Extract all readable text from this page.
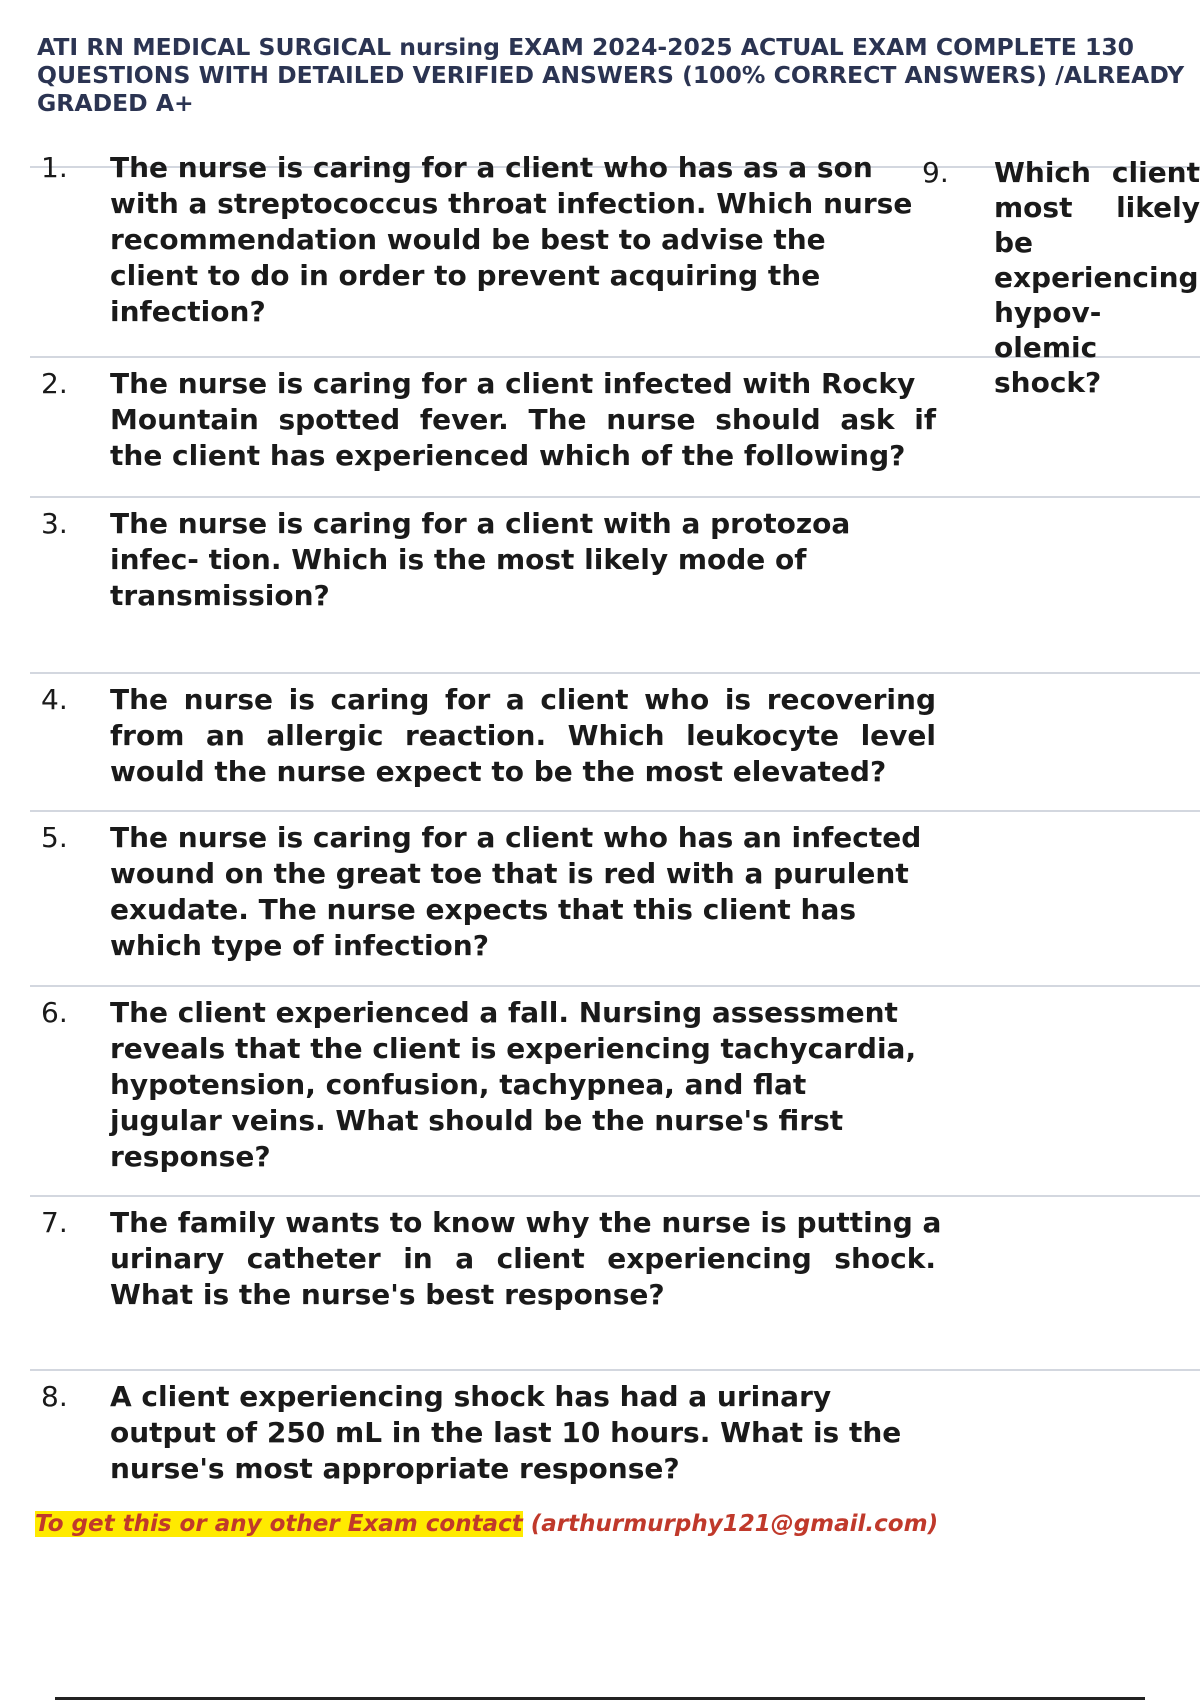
ATI RN MEDICAL SURGICAL nursing EXAM 2024-2025 ACTUAL EXAM COMPLETE 130
QUESTIONS WITH DETAILED VERIFIED ANSWERS (100% CORRECT ANSWERS) /ALREADY
GRADED A+
1. The nurse is caring for a client who has as a son
with a streptococcus throat infection. Which nurse
recommendation would be best to advise the
client to do in order to prevent acquiring the
infection?
2. The nurse is caring for a client infected with Rocky
Mountain spotted fever. The nurse should ask if
the client has experienced which of the following?
3. The nurse is caring for a client with a protozoa
infec- tion. Which is the most likely mode of
transmission?
4. The nurse is caring for a client who is recovering
from an allergic reaction. Which leukocyte level
would the nurse expect to be the most elevated?
5. The nurse is caring for a client who has an infected
wound on the great toe that is red with a purulent
exudate. The nurse expects that this client has
which type of infection?
6. The client experienced a fall. Nursing assessment
reveals that the client is experiencing tachycardia,
hypotension, confusion, tachypnea, and flat
jugular veins. What should be the nurse's first
response?
7. The family wants to know why the nurse is putting a
urinary catheter in a client experiencing shock.
What is the nurse's best response?
8. A client experiencing shock has had a urinary
output of 250 mL in the last 10 hours. What is the
nurse's most appropriate response?
9. Which client
most likely
be
experiencing
hypov- olemic
shock?
To get this or any other Exam contact (arthurmurphy121@gmail.com)
